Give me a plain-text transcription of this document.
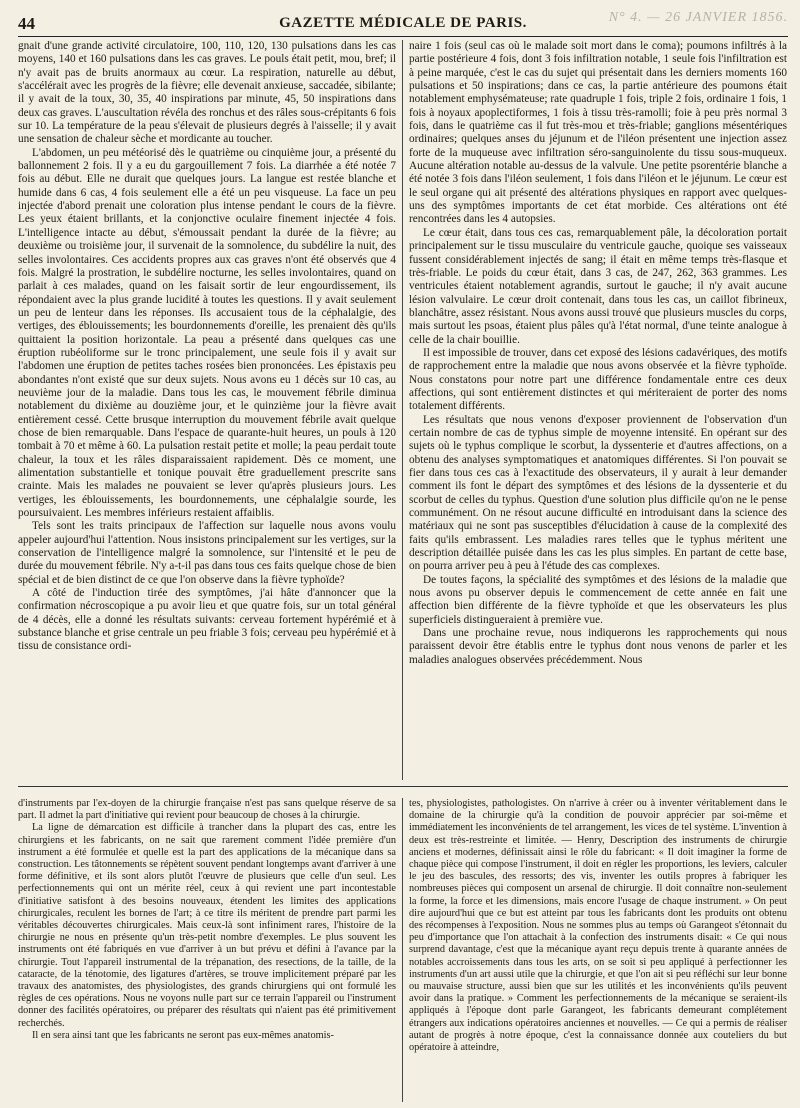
44	GAZETTE MÉDICALE DE PARIS.	N° 4. — 26 JANVIER 1856.

gnait d'une grande activité circulatoire, 100, 110, 120, 130 pulsations dans les cas moyens, 140 et 160 pulsations dans les cas graves. Le pouls était petit, mou, bref; il n'y avait pas de bruits anormaux au cœur. La respiration, naturelle au début, s'accélérait avec les progrès de la fièvre; elle devenait anxieuse, saccadée, sibilante; il y avait de la toux, 30, 35, 40 inspirations par minute, 45, 50 inspirations dans deux cas graves. L'auscultation révéla des ronchus et des râles sous-crépitants 6 fois sur 10. La température de la peau s'élevait de plusieurs degrés à l'aisselle; il y avait une sensation de chaleur sèche et mordicante au toucher.

L'abdomen, un peu météorisé dès le quatrième ou cinquième jour, a présenté du ballonnement 2 fois. Il y a eu du gargouillement 7 fois. La diarrhée a été notée 7 fois au début. Elle ne durait que quelques jours. La langue est restée blanche et humide dans 6 cas, 4 fois seulement elle a été un peu visqueuse. La face un peu injectée d'abord prenait une coloration plus intense pendant le cours de la fièvre. Les yeux étaient brillants, et la conjonctive oculaire finement injectée 4 fois. L'intelligence intacte au début, s'émoussait pendant la durée de la fièvre; au deuxième ou troisième jour, il survenait de la somnolence, du subdélire la nuit, des selles involontaires. Ces accidents propres aux cas graves n'ont été observés que 4 fois. Malgré la prostration, le subdélire nocturne, les selles involontaires, quand on parlait à ces malades, quand on les faisait sortir de leur engourdissement, ils répondaient avec la plus grande lucidité à toutes les questions. Il y avait seulement un peu de lenteur dans les réponses. Ils accusaient tous de la céphalalgie, des vertiges, des éblouissements; les bourdonnements d'oreille, les prenaient dès qu'ils quittaient la position horizontale. La peau a présenté dans quelques cas une éruption rubéoliforme sur le tronc principalement, une seule fois il y avait sur l'abdomen une éruption de petites taches rosées bien prononcées. Les épistaxis peu abondantes n'ont existé que sur deux sujets. Nous avons eu 1 décès sur 10 cas, au neuvième jour de la maladie. Dans tous les cas, le mouvement fébrile diminua notablement du dixième au douzième jour, et le quinzième jour la fièvre avait entièrement cessé. Cette brusque interruption du mouvement fébrile avait quelque chose de bien remarquable. Dans l'espace de quarante-huit heures, un pouls à 120 tombait à 70 et même à 60. La pulsation restait petite et molle; la peau perdait toute chaleur, la toux et les râles disparaissaient rapidement. Dès ce moment, une alimentation substantielle et tonique pouvait être graduellement prescrite sans crainte. Mais les malades ne pouvaient se lever qu'après plusieurs jours. Les vertiges, les éblouissements, les bourdonnements, une céphalalgie sourde, les poursuivaient. Les membres inférieurs restaient affaiblis.

Tels sont les traits principaux de l'affection sur laquelle nous avons voulu appeler aujourd'hui l'attention. Nous insistons principalement sur les vertiges, sur la conservation de l'intelligence malgré la somnolence, sur l'intensité et le peu de durée du mouvement fébrile. N'y a-t-il pas dans tous ces faits quelque chose de bien spécial et de bien distinct de ce que l'on observe dans la fièvre typhoïde?

A côté de l'induction tirée des symptômes, j'ai hâte d'annoncer que la confirmation nécroscopique a pu avoir lieu et que quatre fois, sur un total général de 4 décès, elle a donné les résultats suivants: cerveau fortement hypérémié et à substance blanche et grise centrale un peu friable 3 fois; cerveau peu hypérémié et à tissu de consistance ordi-

naire 1 fois (seul cas où le malade soit mort dans le coma); poumons infiltrés à la partie postérieure 4 fois, dont 3 fois infiltration notable, 1 seule fois l'infiltration est à peine marquée, c'est le cas du sujet qui présentait dans les derniers moments 160 pulsations et 50 inspirations; dans ce cas, la partie antérieure des poumons était notablement emphysémateuse; rate quadruple 1 fois, triple 2 fois, ordinaire 1 fois, 1 fois à noyaux apoplectiformes, 1 fois à tissu très-ramolli; foie à peu près normal 3 fois, dans le quatrième cas il fut très-mou et très-friable; ganglions mésentériques ordinaires; quelques anses du jéjunum et de l'iléon présentent une injection assez forte de la muqueuse avec infiltration séro-sanguinolente du tissu sous-muqueux. Aucune altération notable au-dessus de la valvule. Une petite psorentérie blanche a été notée 3 fois dans l'iléon seulement, 1 fois dans l'iléon et le jéjunum. Le cœur est le seul organe qui ait présenté des altérations physiques en rapport avec quelques-uns des symptômes importants de cet état morbide. Ces altérations ont été rencontrées dans les 4 autopsies.

Le cœur était, dans tous ces cas, remarquablement pâle, la décoloration portait principalement sur le tissu musculaire du ventricule gauche, quoique ses vaisseaux fussent considérablement injectés de sang; il était en même temps très-flasque et très-friable. Le poids du cœur était, dans 3 cas, de 247, 262, 363 grammes. Les ventricules étaient notablement agrandis, surtout le gauche; il n'y avait aucune lésion valvulaire. Le cœur droit contenait, dans tous les cas, un caillot fibrineux, blanchâtre, assez résistant. Nous avons aussi trouvé que plusieurs muscles du corps, mais surtout les psoas, étaient plus pâles qu'à l'état normal, d'une teinte analogue à celle de la chair bouillie.

Il est impossible de trouver, dans cet exposé des lésions cadavériques, des motifs de rapprochement entre la maladie que nous avons observée et la fièvre typhoïde. Nous constatons pour notre part une différence fondamentale entre ces deux affections, qui sont entièrement distinctes et qui mériteraient de porter des noms totalement différents.

Les résultats que nous venons d'exposer proviennent de l'observation d'un certain nombre de cas de typhus simple de moyenne intensité. En opérant sur des sujets où le typhus complique le scorbut, la dyssenterie et d'autres affections, on a obtenu des analyses symptomatiques et anatomiques différentes. Si l'on pouvait se fier dans tous ces cas à l'exactitude des observateurs, il y aurait à leur demander comment ils font le départ des symptômes et des lésions de la dyssenterie et du scorbut de celles du typhus. Question d'une solution plus difficile qu'on ne le pense communément. On ne résout aucune difficulté en introduisant dans la science des matériaux qui ne sont pas susceptibles d'élucidation à cause de la complexité des faits qu'ils embrassent. Les maladies rares telles que le typhus méritent une description détaillée puisée dans les cas les plus simples. En partant de cette base, on pourra arriver peu à peu à l'étude des cas complexes.

De toutes façons, la spécialité des symptômes et des lésions de la maladie que nous avons pu observer depuis le commencement de cette année en fait une affection bien différente de la fièvre typhoïde et que les observateurs les plus superficiels distingueraient à première vue.

Dans une prochaine revue, nous indiquerons les rapprochements qui nous paraissent devoir être établis entre le typhus dont nous venons de parler et les maladies analogues observées précédemment. Nous

d'instruments par l'ex-doyen de la chirurgie française n'est pas sans quelque réserve de sa part. Il admet la part d'initiative qui revient pour beaucoup de choses à la chirurgie.

La ligne de démarcation est difficile à trancher dans la plupart des cas, entre les chirurgiens et les fabricants, on ne sait que rarement comment l'idée première d'un instrument a été formulée et quelle est la part des applications de la mécanique dans sa construction. Les tâtonnements se répètent souvent pendant longtemps avant d'arriver à une forme définitive, et ils sont alors plutôt l'œuvre de plusieurs que celle d'un seul. Les perfectionnements qui ont un mérite réel, ceux à qui revient une part incontestable d'initiative satisfont à des besoins nouveaux, étendent les limites des applications chirurgicales, reculent les bornes de l'art; à ce titre ils méritent de prendre part parmi les véritables découvertes chirurgicales. Mais ceux-là sont infiniment rares, l'histoire de la chirurgie ne nous en présente qu'un très-petit nombre d'exemples. Le plus souvent les instruments ont été fabriqués en vue d'arriver à un but prévu et défini à l'avance par la chirurgie. Tout l'appareil instrumental de la trépanation, des resections, de la taille, de la cataracte, de la ténotomie, des ligatures d'artères, se trouve implicitement préparé par les travaux des anatomistes, des physiologistes, des grands chirurgiens qui ont formulé les règles de ces opérations. Nous ne voyons nulle part sur ce terrain l'appareil ou l'instrument donner des facilités opératoires, ou préparer des résultats qui n'aient pas été primitivement recherchés.

Il en sera ainsi tant que les fabricants ne seront pas eux-mêmes anatomis-

tes, physiologistes, pathologistes. On n'arrive à créer ou à inventer véritablement dans le domaine de la chirurgie qu'à la condition de pouvoir apprécier par soi-même et immédiatement les inconvénients de tel arrangement, les vices de tel système. L'invention à deux est très-restreinte et limitée. — Henry, Description des instruments de chirurgie anciens et modernes, définissait ainsi le rôle du fabricant: « Il doit imaginer la forme de chaque pièce qui compose l'instrument, il doit en régler les proportions, les leviers, calculer le jeu des bascules, des ressorts; des vis, inventer les outils propres à fabriquer les nombreuses pièces qui composent un arsenal de chirurgie. Il doit connaître non-seulement la forme, la force et les dimensions, mais encore l'usage de chaque instrument. » On peut dire aujourd'hui que ce but est atteint par tous les fabricants dont les produits ont obtenu des récompenses à l'exposition. Nous ne sommes plus au temps où Garangeot s'étonnait du peu d'importance que l'on attachait à la confection des instruments disait: « Ce qui nous surprend davantage, c'est que la mécanique ayant reçu depuis trente à quarante années de notables accroissements dans tous les arts, on se soit si peu appliqué à perfectionner les instruments d'un art aussi utile que la chirurgie, et que l'on ait si peu réfléchi sur leur bonne ou mauvaise structure, aussi bien que sur les utilités et les inconvénients qu'ils peuvent avoir dans la pratique. » Comment les perfectionnements de la mécanique se seraient-ils appliqués à l'époque dont parle Garangeot, les fabricants demeurant complétement étrangers aux indications opératoires anciennes et nouvelles. — Ce qui a permis de réaliser autant de progrès à notre époque, c'est la connaissance donnée aux couteliers du but opératoire à atteindre,
